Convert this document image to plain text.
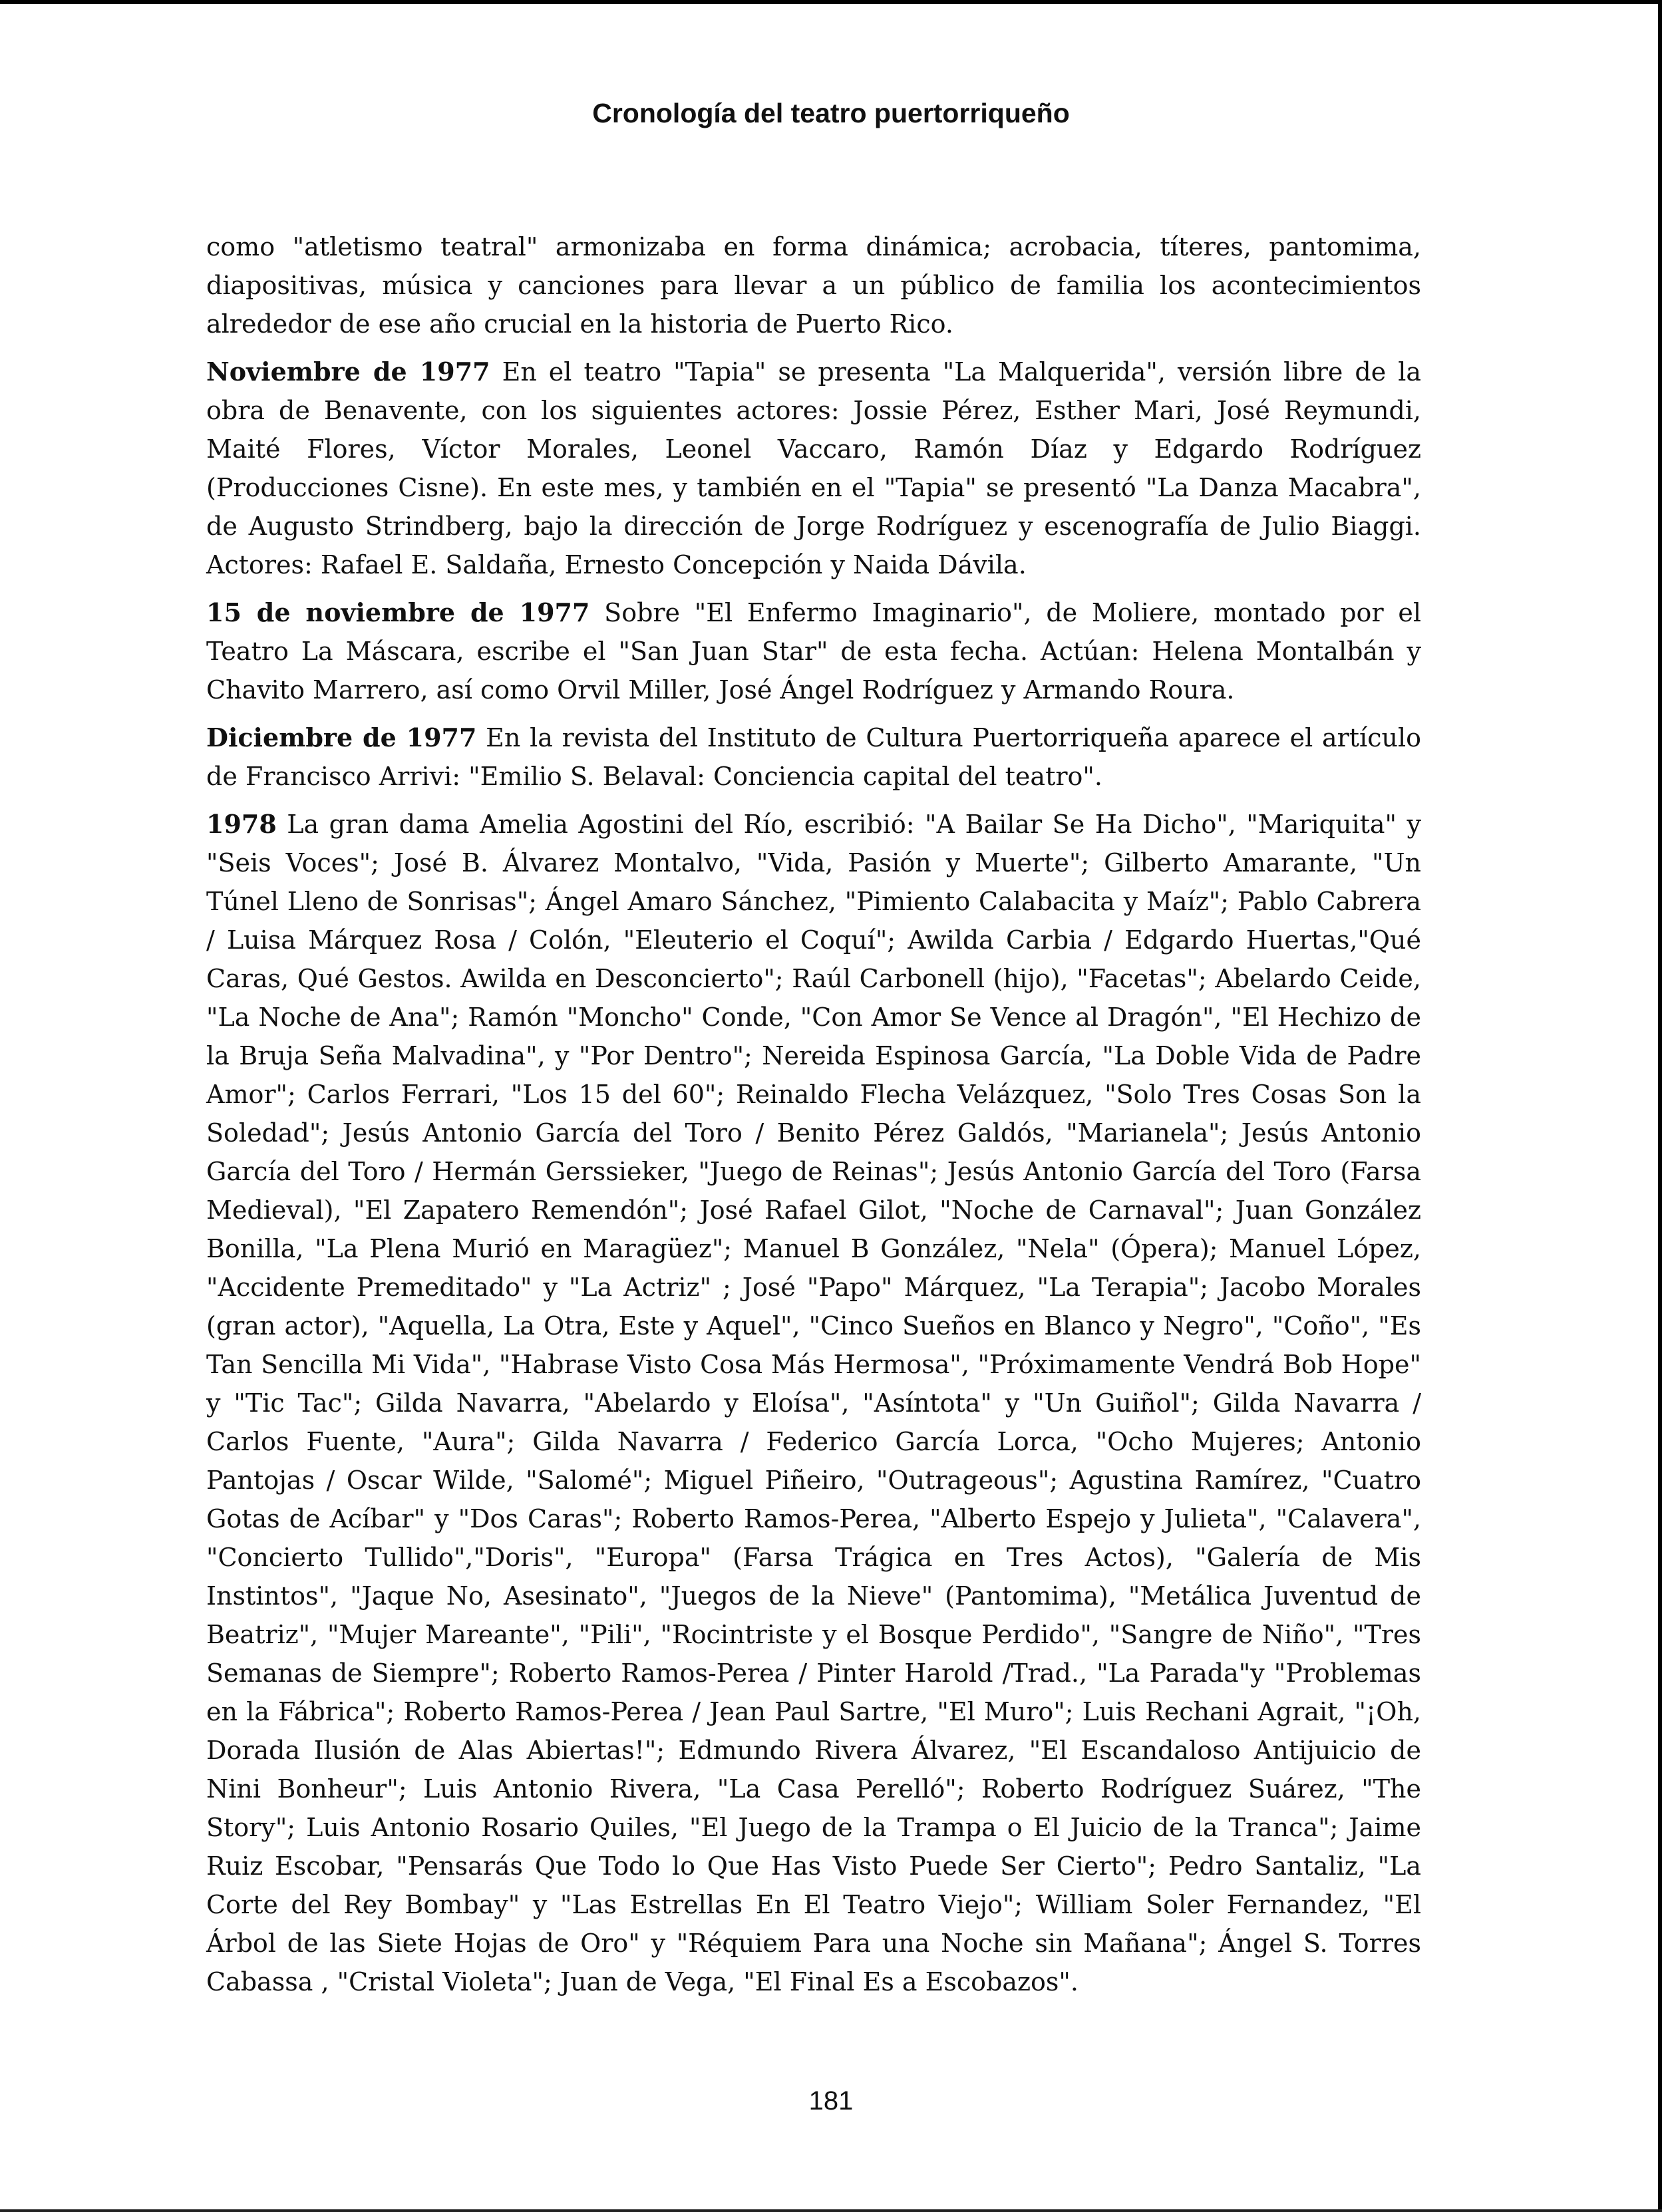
Cronología del teatro puertorriqueño

como "atletismo teatral" armonizaba en forma dinámica; acrobacia, títeres, pantomima, diapositivas, música y canciones para llevar a un público de familia los acontecimientos alrededor de ese año crucial en la historia de Puerto Rico.

Noviembre de 1977 En el teatro "Tapia" se presenta "La Malquerida", versión libre de la obra de Benavente, con los siguientes actores: Jossie Pérez, Esther Mari, José Reymundi, Maité Flores, Víctor Morales, Leonel Vaccaro, Ramón Díaz y Edgardo Rodríguez (Producciones Cisne). En este mes, y también en el "Tapia" se presentó "La Danza Macabra", de Augusto Strindberg, bajo la dirección de Jorge Rodríguez y escenografía de Julio Biaggi. Actores: Rafael E. Saldaña, Ernesto Concepción y Naida Dávila.

15 de noviembre de 1977 Sobre "El Enfermo Imaginario", de Moliere, montado por el Teatro La Máscara, escribe el "San Juan Star" de esta fecha. Actúan: Helena Montalbán y Chavito Marrero, así como Orvil Miller, José Ángel Rodríguez y Armando Roura.

Diciembre de 1977 En la revista del Instituto de Cultura Puertorriqueña aparece el artículo de Francisco Arrivi: "Emilio S. Belaval: Conciencia capital del teatro".

1978 La gran dama Amelia Agostini del Río, escribió: "A Bailar Se Ha Dicho", "Mariquita" y "Seis Voces"; José B. Álvarez Montalvo, "Vida, Pasión y Muerte"; Gilberto Amarante, "Un Túnel Lleno de Sonrisas"; Ángel Amaro Sánchez, "Pimiento Calabacita y Maíz"; Pablo Cabrera / Luisa Márquez Rosa / Colón, "Eleuterio el Coquí"; Awilda Carbia / Edgardo Huertas,"Qué Caras, Qué Gestos. Awilda en Desconcierto"; Raúl Carbonell (hijo), "Facetas"; Abelardo Ceide, "La Noche de Ana"; Ramón "Moncho" Conde, "Con Amor Se Vence al Dragón", "El Hechizo de la Bruja Seña Malvadina", y "Por Dentro"; Nereida Espinosa García, "La Doble Vida de Padre Amor"; Carlos Ferrari, "Los 15 del 60"; Reinaldo Flecha Velázquez, "Solo Tres Cosas Son la Soledad"; Jesús Antonio García del Toro / Benito Pérez Galdós, "Marianela"; Jesús Antonio García del Toro / Hermán Gerssieker, "Juego de Reinas"; Jesús Antonio García del Toro (Farsa Medieval), "El Zapatero Remendón"; José Rafael Gilot, "Noche de Carnaval"; Juan González Bonilla, "La Plena Murió en Maragüez"; Manuel B González, "Nela" (Ópera); Manuel López, "Accidente Premeditado" y "La Actriz" ; José "Papo" Márquez, "La Terapia"; Jacobo Morales (gran actor), "Aquella, La Otra, Este y Aquel", "Cinco Sueños en Blanco y Negro", "Coño", "Es Tan Sencilla Mi Vida", "Habrase Visto Cosa Más Hermosa", "Próximamente Vendrá Bob Hope" y "Tic Tac"; Gilda Navarra, "Abelardo y Eloísa", "Asíntota" y "Un Guiñol"; Gilda Navarra / Carlos Fuente, "Aura"; Gilda Navarra / Federico García Lorca, "Ocho Mujeres; Antonio Pantojas / Oscar Wilde, "Salomé"; Miguel Piñeiro, "Outrageous"; Agustina Ramírez, "Cuatro Gotas de Acíbar" y "Dos Caras"; Roberto Ramos-Perea, "Alberto Espejo y Julieta", "Calavera", "Concierto Tullido","Doris", "Europa" (Farsa Trágica en Tres Actos), "Galería de Mis Instintos", "Jaque No, Asesinato", "Juegos de la Nieve" (Pantomima), "Metálica Juventud de Beatriz", "Mujer Mareante", "Pili", "Rocintriste y el Bosque Perdido", "Sangre de Niño", "Tres Semanas de Siempre"; Roberto Ramos-Perea / Pinter Harold /Trad., "La Parada"y "Problemas en la Fábrica"; Roberto Ramos-Perea / Jean Paul Sartre, "El Muro"; Luis Rechani Agrait, "¡Oh, Dorada Ilusión de Alas Abiertas!"; Edmundo Rivera Álvarez, "El Escandaloso Antijuicio de Nini Bonheur"; Luis Antonio Rivera, "La Casa Perelló"; Roberto Rodríguez Suárez, "The Story"; Luis Antonio Rosario Quiles, "El Juego de la Trampa o El Juicio de la Tranca"; Jaime Ruiz Escobar, "Pensarás Que Todo lo Que Has Visto Puede Ser Cierto"; Pedro Santaliz, "La Corte del Rey Bombay" y "Las Estrellas En El Teatro Viejo"; William Soler Fernandez, "El Árbol de las Siete Hojas de Oro" y "Réquiem Para una Noche sin Mañana"; Ángel S. Torres Cabassa , "Cristal Violeta"; Juan de Vega, "El Final Es a Escobazos".

181
